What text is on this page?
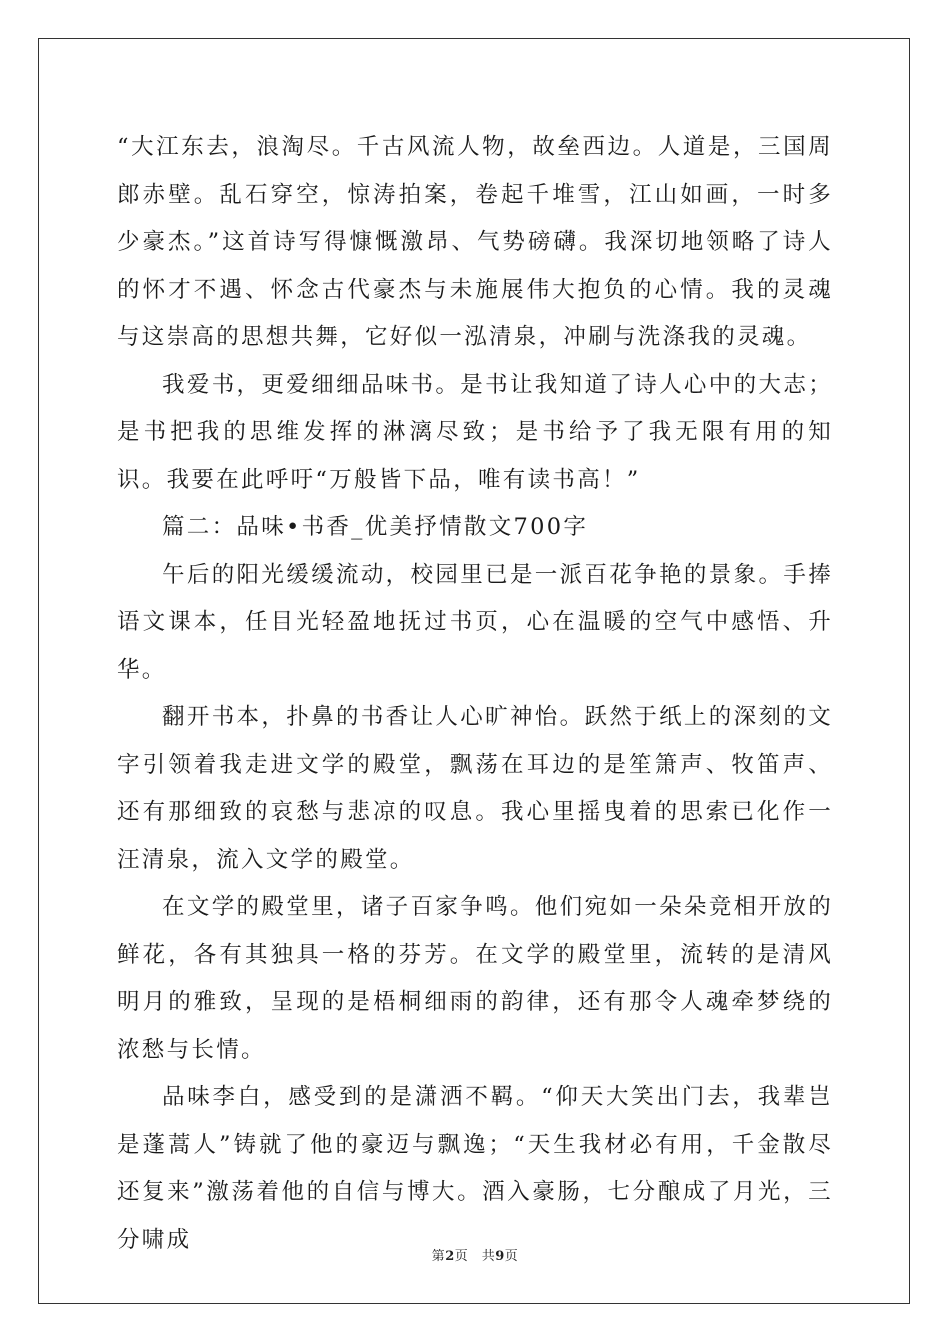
“大江东去，浪淘尽。千古风流人物，故垒西边。人道是，三国周郎赤壁。乱石穿空，惊涛拍案，卷起千堆雪，江山如画，一时多少豪杰。”这首诗写得慷慨激昂、气势磅礴。我深切地领略了诗人的怀才不遇、怀念古代豪杰与未施展伟大抱负的心情。我的灵魂与这崇高的思想共舞，它好似一泓清泉，冲刷与洗涤我的灵魂。

我爱书，更爱细细品味书。是书让我知道了诗人心中的大志；是书把我的思维发挥的淋漓尽致；是书给予了我无限有用的知识。我要在此呼吁“万般皆下品，唯有读书高！”

篇二：品味•书香_优美抒情散文700字

午后的阳光缓缓流动，校园里已是一派百花争艳的景象。手捧语文课本，任目光轻盈地抚过书页，心在温暖的空气中感悟、升华。

翻开书本，扑鼻的书香让人心旷神怡。跃然于纸上的深刻的文字引领着我走进文学的殿堂，飘荡在耳边的是笙箫声、牧笛声、还有那细致的哀愁与悲凉的叹息。我心里摇曳着的思索已化作一汪清泉，流入文学的殿堂。

在文学的殿堂里，诸子百家争鸣。他们宛如一朵朵竞相开放的鲜花，各有其独具一格的芬芳。在文学的殿堂里，流转的是清风明月的雅致，呈现的是梧桐细雨的韵律，还有那令人魂牵梦绕的浓愁与长情。

品味李白，感受到的是潇洒不羁。“仰天大笑出门去，我辈岂是蓬蒿人”铸就了他的豪迈与飘逸；“天生我材必有用，千金散尽还复来”激荡着他的自信与博大。酒入豪肠，七分酿成了月光，三分啸成

第2页　共9页
